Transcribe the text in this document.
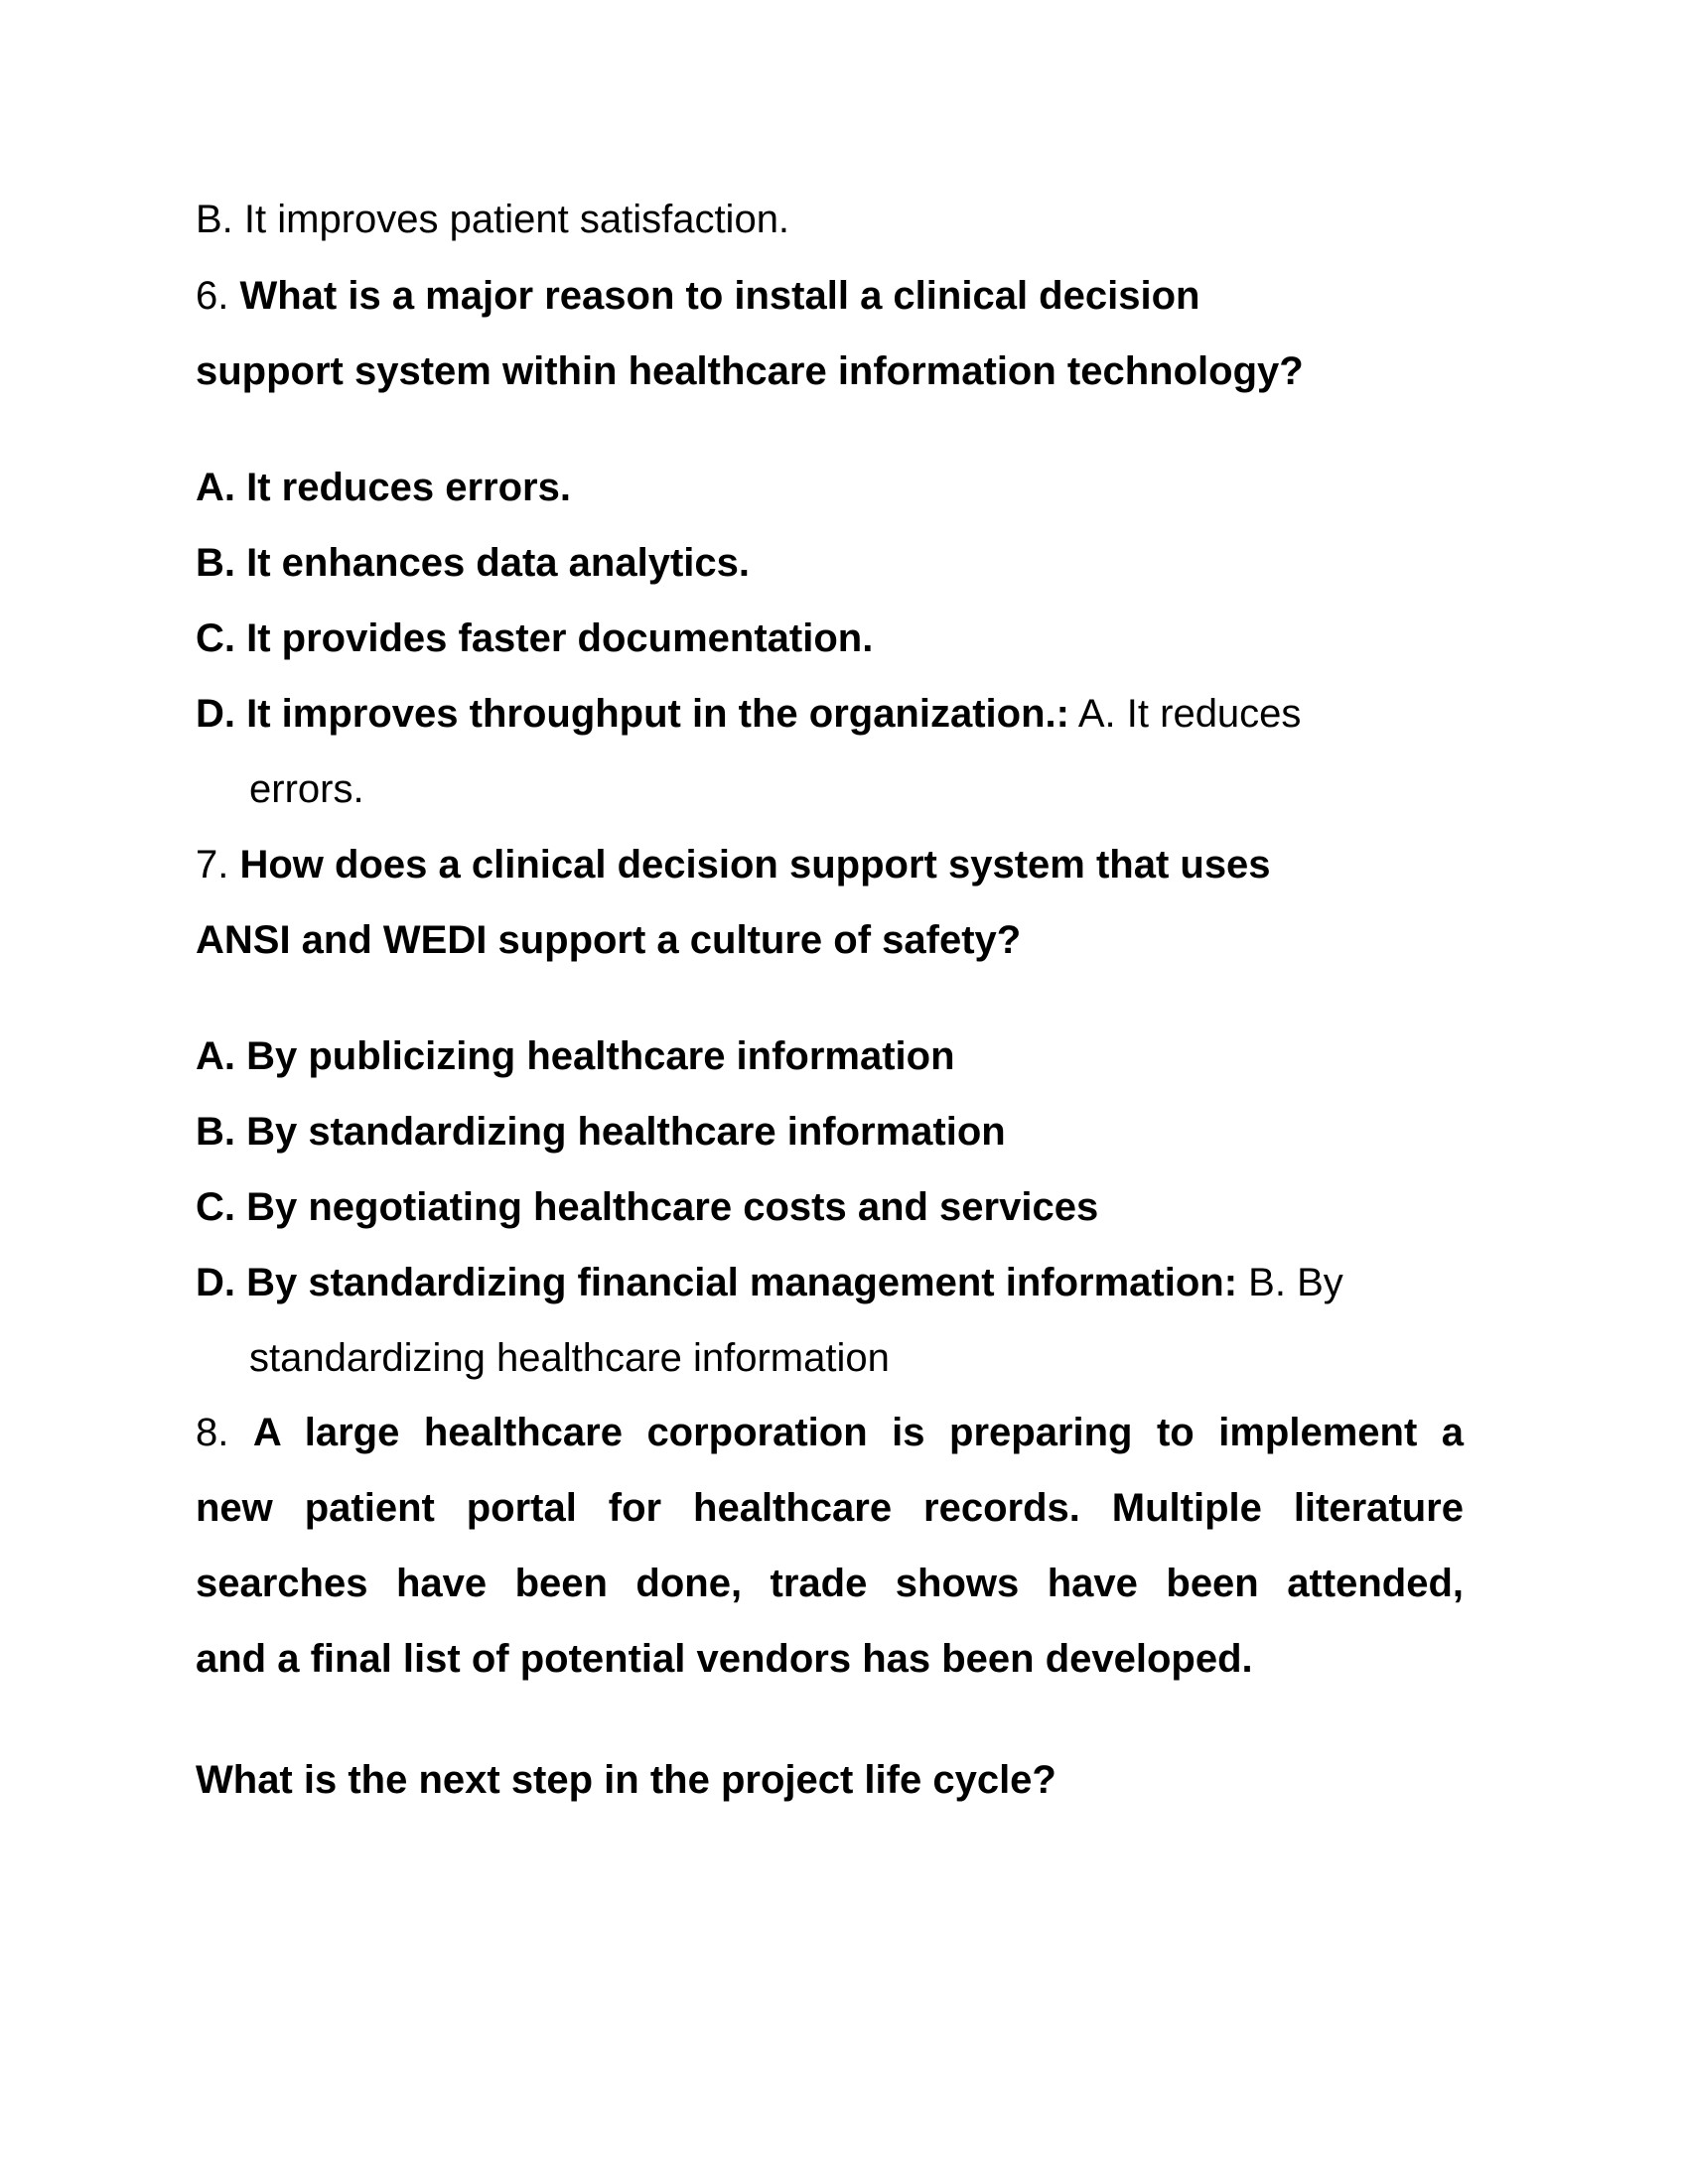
B. It improves patient satisfaction.
6. What is a major reason to install a clinical decision
support system within healthcare information technology?
A. It reduces errors.
B. It enhances data analytics.
C. It provides faster documentation.
D. It improves throughput in the organization.: A. It reduces
errors.
7. How does a clinical decision support system that uses
ANSI and WEDI support a culture of safety?
A. By publicizing healthcare information
B. By standardizing healthcare information
C. By negotiating healthcare costs and services
D. By standardizing financial management information: B. By
standardizing healthcare information
8. A large healthcare corporation is preparing to implement a
new patient portal for healthcare records. Multiple literature
searches have been done, trade shows have been attended,
and a final list of potential vendors has been developed.
What is the next step in the project life cycle?
